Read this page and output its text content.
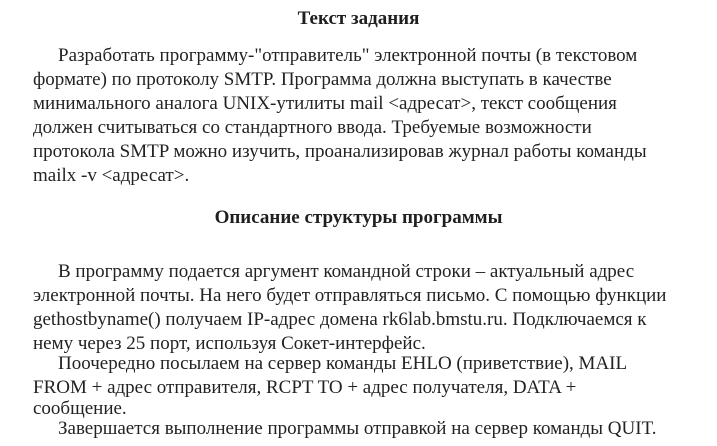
Текст задания
Разработать программу-"отправитель" электронной почты (в текстовом
формате) по протоколу SMTP. Программа должна выступать в качестве
минимального аналога UNIX-утилиты mail <адресат>, текст сообщения
должен считываться со стандартного ввода. Требуемые возможности
протокола SMTP можно изучить, проанализировав журнал работы команды
mailx -v <адресат>.
Описание структуры программы
В программу подается аргумент командной строки – актуальный адрес
электронной почты. На него будет отправляться письмо. С помощью функции
gethostbyname() получаем IP-адрес домена rk6lab.bmstu.ru. Подключаемся к
нему через 25 порт, используя Сокет-интерфейс.
Поочередно посылаем на сервер команды EHLO (приветствие), MAIL
FROM + адрес отправителя, RCPT TO + адрес получателя, DATA +
сообщение.
Завершается выполнение программы отправкой на сервер команды QUIT.
